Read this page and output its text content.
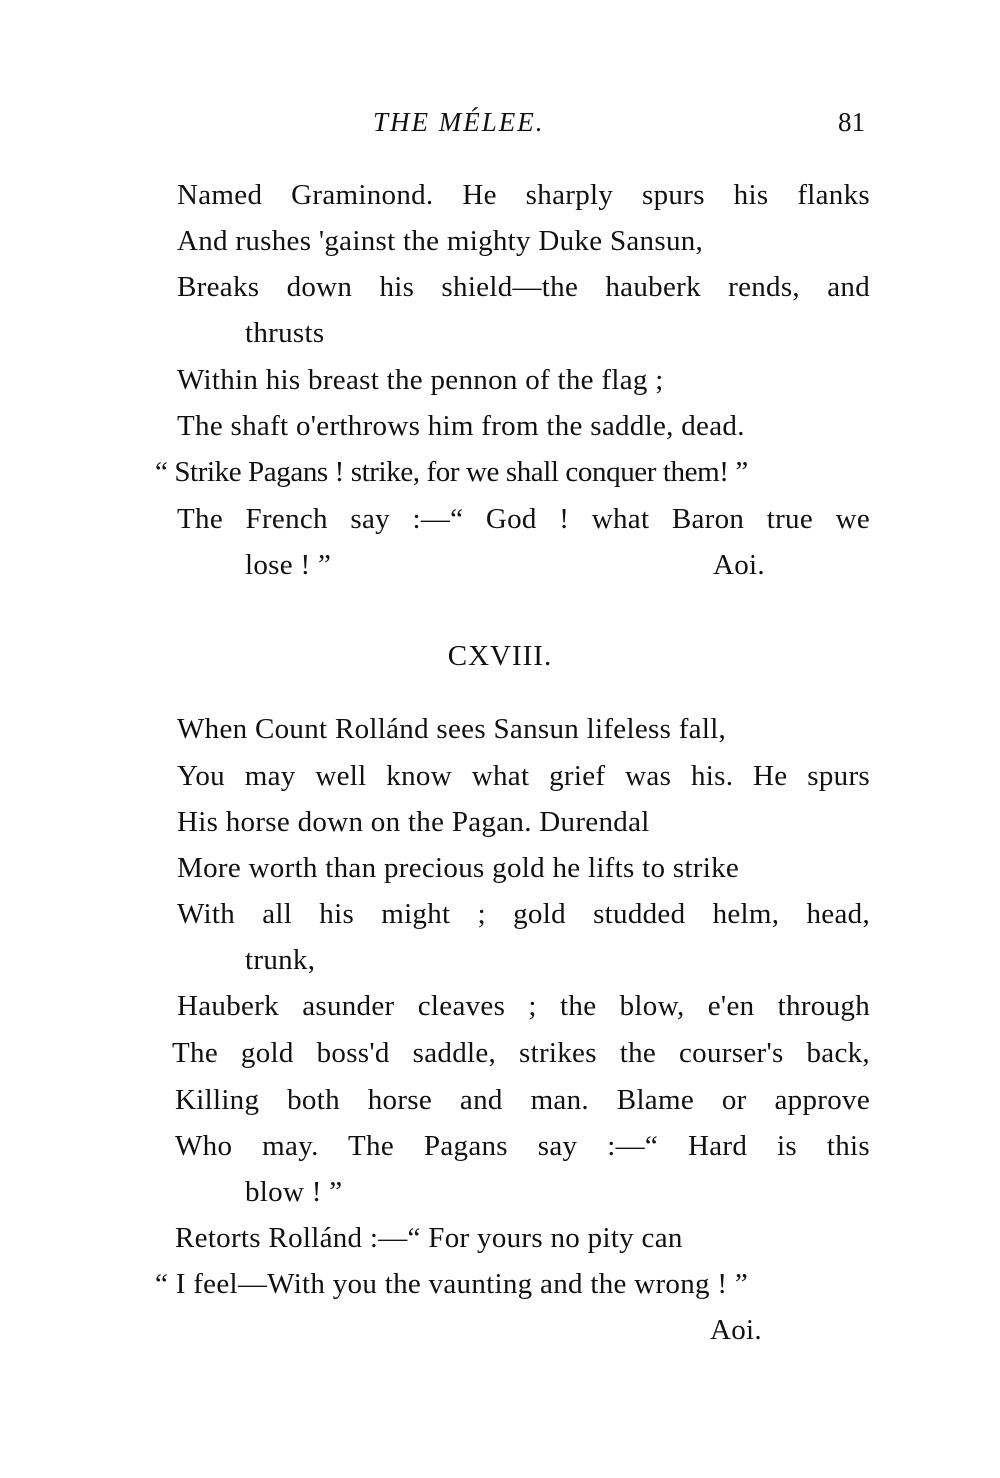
THE MÉLEE.	81
Named Graminond. He sharply spurs his flanks
And rushes 'gainst the mighty Duke Sansun,
Breaks down his shield—the hauberk rends, and
thrusts
Within his breast the pennon of the flag ;
The shaft o'erthrows him from the saddle, dead.
“ Strike Pagans ! strike, for we shall conquer them! ”
The French say :—“ God ! what Baron true we
lose ! ”	Aoi.
CXVIII.
When Count Rollánd sees Sansun lifeless fall,
You may well know what grief was his. He spurs
His horse down on the Pagan. Durendal
More worth than precious gold he lifts to strike
With all his might ; gold studded helm, head,
trunk,
Hauberk asunder cleaves ; the blow, e'en through
The gold boss'd saddle, strikes the courser's back,
Killing both horse and man. Blame or approve
Who may. The Pagans say :—“ Hard is this
blow ! ”
Retorts Rollánd :—“ For yours no pity can
“ I feel—With you the vaunting and the wrong ! ”
Aoi.
